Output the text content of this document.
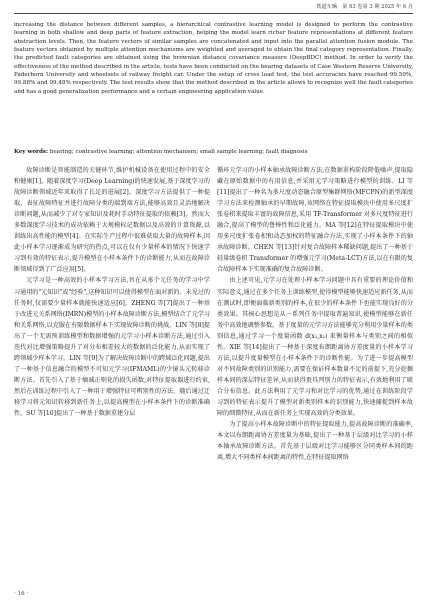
铁道车辆　第 63 卷第 3 期 2025 年 6 月

increasing the distance between different samples, a hierarchical contrastive learning model is designed to perform the contrastive learning in both shallow and deep parts of feature extraction, helping the model learn richer feature representations at different feature abstraction levels. Then, the feature vectors of similar samples are concatenated and input into the parallel attention fusion module. The feature vectors obtained by multiple attention mechanisms are weighted and averaged to obtain the final category representation. Finally, the predicted fault categories are obtained using the brownian distance covariance measure (DeepBDC) method. In order to verify the effectiveness of the method described in the article, tests have been conducted on the bearing datasets of Case Western Reserve University, Paderborn University and wheelsets of railway freight car. Under the setup of cross load test, the test accuracies have reached 99.50%, 99.88% and 99.48% respectively. The test results show that the method described in the article allows to recognize well the fault categories and has a good generalization performance and a certain engineering application value.

Key words: bearing; contrastive learning; attention mechanism; small sample learning; fault diagnosis

故障诊断是智能制造的关键环节,维护机械设备在使用过程中的安全和健康[1]。随着深度学习(Deep Learning)的快速发展,基于深度学习的故障诊断领域近年来取得了长足的进展[2]。深度学习方法提供了一种提取、表征故障特征并进行故障分类的端到端方法,能够高效且灵活地解决诊断问题,从而减少了对专家知识及耗时手动特征提取的依赖[3]。然而大多数深度学习技术的成功依赖于大规模标记数据以及高效的计算资源,以训练出高性能的模型[4]。在实际生产过程中很难获取大量的故障样本,因此小样本学习逐渐成为研究的热点,可以在仅有少量样本的情况下快速学习到有效的特征表示,提升模型在小样本条件下的诊断能力,从而在故障诊断领域得到了广泛应用[5]。

元学习是一种高效的小样本学习方法,旨在从多个元任务的学习中学习通用的"元知识"或"经验",这种知识可以使得模型在面对新的、未见过的任务时,仅需要少量样本就能快速适应[6]。ZHENG 等[7]提出了一种基于改进元关系网络(IMRN)模型的小样本故障诊断方法,模型结合了元学习和关系网络,以克服在有限数据样本下实现故障诊断的挑战。LIN 等[8]提出了一个无需预训练模型和数据增强的元学习小样本诊断方法,通过引入迭代对比增强策略提升了对分布相差较大的数据的泛化能力,从而实现了跨领域少样本学习。LIN 等[9]为了解决故障诊断中的跨域泛化问题,提出了一种基于信息融合的模型不可知元学习(IFMAML)的少镜头元转移诊断方法。首先引入了基于熵减正则化的损失函数,对特征提取器进行约束,然后在训练过程中引入了一种用于增强特征可辨别性的方法。随后通过迁移学习将元知识转移到新任务上,以提高模型在小样本条件下的诊断准确性。SU 等[10]提出了一种基于数据重建分层

循环元学习的小样本轴承故障诊断方法,在数据重构阶段降低噪声,提取隐藏在原始数据中的有用信息,并采用元学习策略进行模型的训练。LI 等[11]提出了一种名为多尺度动态融合原型集群网络(MFCPN)的新型深度学习方法来检测轴承的早期故障,该网络在特征提取模块中使用多尺度扩张卷积来提取丰富的故障信息,采用 TF-Transformer 对多尺度特征进行融合,提高了模型的鲁棒性和泛化能力。MA 等[12]在特征提取模块中使用多尺度扩张卷积和动态加权的特征融合方法,实现了小样本条件下的轴承故障诊断。CHEN 等[13]针对复合故障样本稀缺问题,提出了一种基于轻量级卷积 Transformer 的增强元学习(Meta-LCT)方法,以在有限的复合故障样本下实现准确的复合故障诊断。

由上述可见,元学习在处理小样本学习问题中具有重要的理论价值和实际意义,通过在多个任务上训练模型,使得模型能够快速适应新任务,从而在测试时,即便面临新类别的样本,在很少的样本条件下也能实现良好的分类效果。其核心思想是从一系列任务中提取普遍知识,使模型能够在新任务中高效地调整参数。基于度量的元学习方法能够充分利用少量样本的类别信息,通过学习一个度量函数 d(x₁,x₂) 来衡量样本与类别之间的相似性。XIE 等[14]提出了一种基于深度布朗距离协方差度量的小样本学习方法,以提升度量模型在小样本条件下的诊断性能。为了进一步提高模型对不同故障类别的识别能力,需要在保证样本数量不足的前提下,充分挖掘样本间的深层特征差异,从而获得更具判别力的特征表示,有效地利用了联合分布信息。此方法利用了元学习和对比学习的优势,通过在训练阶段学习到的特征表示提升了模型对新类别样本的识别能力,快速捕捉到样本故障的细微特征,从而在新任务上实现高效的分类效果。

为了提高小样本故障诊断中的特征提取能力,提高故障诊断的准确率,本文以布朗距离协方差度量为基础,提出了一种基于层级对比学习的小样本轴承故障诊断方法。首先基于层级对比学习能够区分同类样本间的距离,增大不同类样本间距离的特性,在特征提取网络

· 16 ·
